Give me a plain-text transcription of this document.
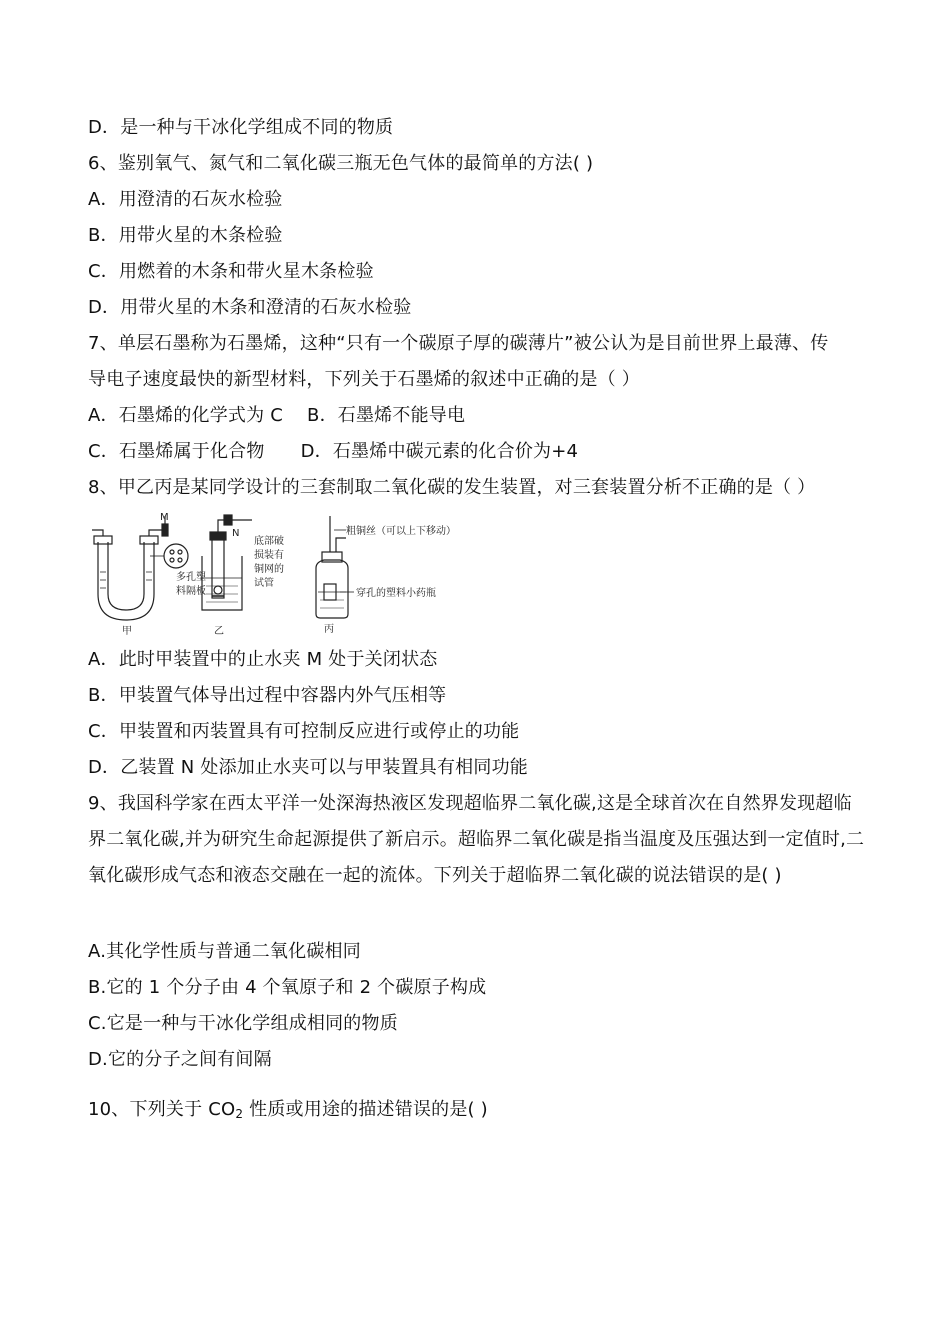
D．是一种与干冰化学组成不同的物质
6、鉴别氧气、氮气和二氧化碳三瓶无色气体的最简单的方法( )
A．用澄清的石灰水检验
B．用带火星的木条检验
C．用燃着的木条和带火星木条检验
D．用带火星的木条和澄清的石灰水检验
7、单层石墨称为石墨烯，这种“只有一个碳原子厚的碳薄片”被公认为是目前世界上最薄、传
导电子速度最快的新型材料，下列关于石墨烯的叙述中正确的是（ ）
A．石墨烯的化学式为 C B．石墨烯不能导电
C．石墨烯属于化合物 D．石墨烯中碳元素的化合价为+4
8、甲乙丙是某同学设计的三套制取二氧化碳的发生装置，对三套装置分析不正确的是（ ）
M
多孔塑
料隔板
甲
N
底部破
损装有
铜网的
试管
乙
粗铜丝（可以上下移动）
穿孔的塑料小药瓶
丙
A．此时甲装置中的止水夹 M 处于关闭状态
B．甲装置气体导出过程中容器内外气压相等
C．甲装置和丙装置具有可控制反应进行或停止的功能
D．乙装置 N 处添加止水夹可以与甲装置具有相同功能
9、我国科学家在西太平洋一处深海热液区发现超临界二氧化碳,这是全球首次在自然界发现超临界二氧化碳,并为研究生命起源提供了新启示。超临界二氧化碳是指当温度及压强达到一定值时,二氧化碳形成气态和液态交融在一起的流体。下列关于超临界二氧化碳的说法错误的是( )
A.其化学性质与普通二氧化碳相同
B.它的 1 个分子由 4 个氧原子和 2 个碳原子构成
C.它是一种与干冰化学组成相同的物质
D.它的分子之间有间隔
10、下列关于 $CO_2$ 性质或用途的描述错误的是( )
